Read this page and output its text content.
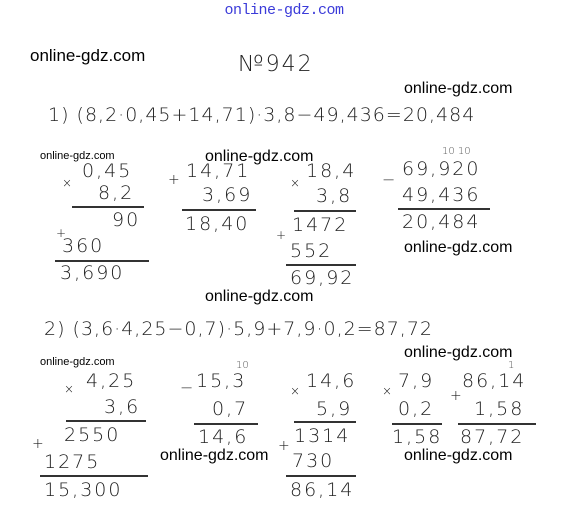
online-gdz.com
online-gdz.com
online-gdz.com
online-gdz.com	online-gdz.com
online-gdz.com
online-gdz.com
online-gdz.com
online-gdz.com
online-gdz.com	online-gdz.com
№942
1) (8,2·0,45+14,71)·3,8−49,436=20,484
×
0,45
8,2
90
+
360
3,690
+ 14,71
3,69
18,40
×
18,4
3,8
1472
+
552
69,92
10 10
− 69,920
49,436
20,484
2) (3,6·4,25−0,7)·5,9+7,9·0,2=87,72
× 4,25
3,6
2550
+
1275
15,300
10
− 15,3
0,7
14,6
× 14,6
5,9
1314
+
730
86,14
× 7,9
0,2
1,58
1
+
86,14
1,58
87,72
